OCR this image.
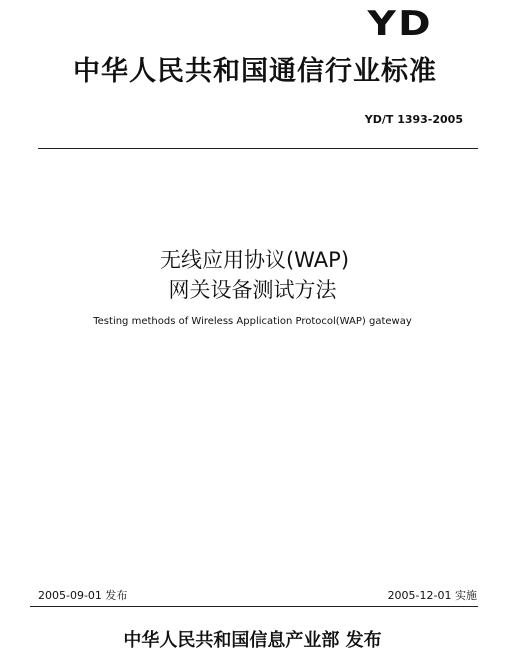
YD
中华人民共和国通信行业标准
YD/T 1393-2005
无线应用协议(WAP)
网关设备测试方法
Testing methods of Wireless Application Protocol(WAP) gateway
2005-09-01 发布	2005-12-01 实施
中华人民共和国信息产业部 发布
